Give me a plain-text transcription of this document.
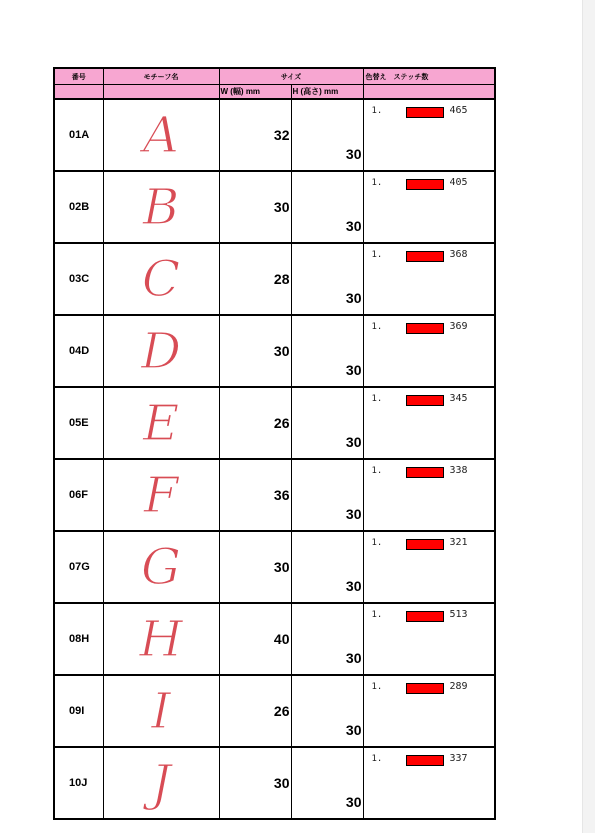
番号	モチーフ名	サイズ		色替え　ステッチ数
		W (幅) mm	H (高さ) mm	
01A	A	32	30	1. 465

02B	B	30	30	1. 405

03C	C	28	30	1. 368

04D	D	30	30	1. 369

05E	E	26	30	1. 345

06F	F	36	30	1. 338

07G	G	30	30	1. 321

08H	H	40	30	1. 513

09I	I	26	30	1. 289

10J	J	30	30	1. 337
